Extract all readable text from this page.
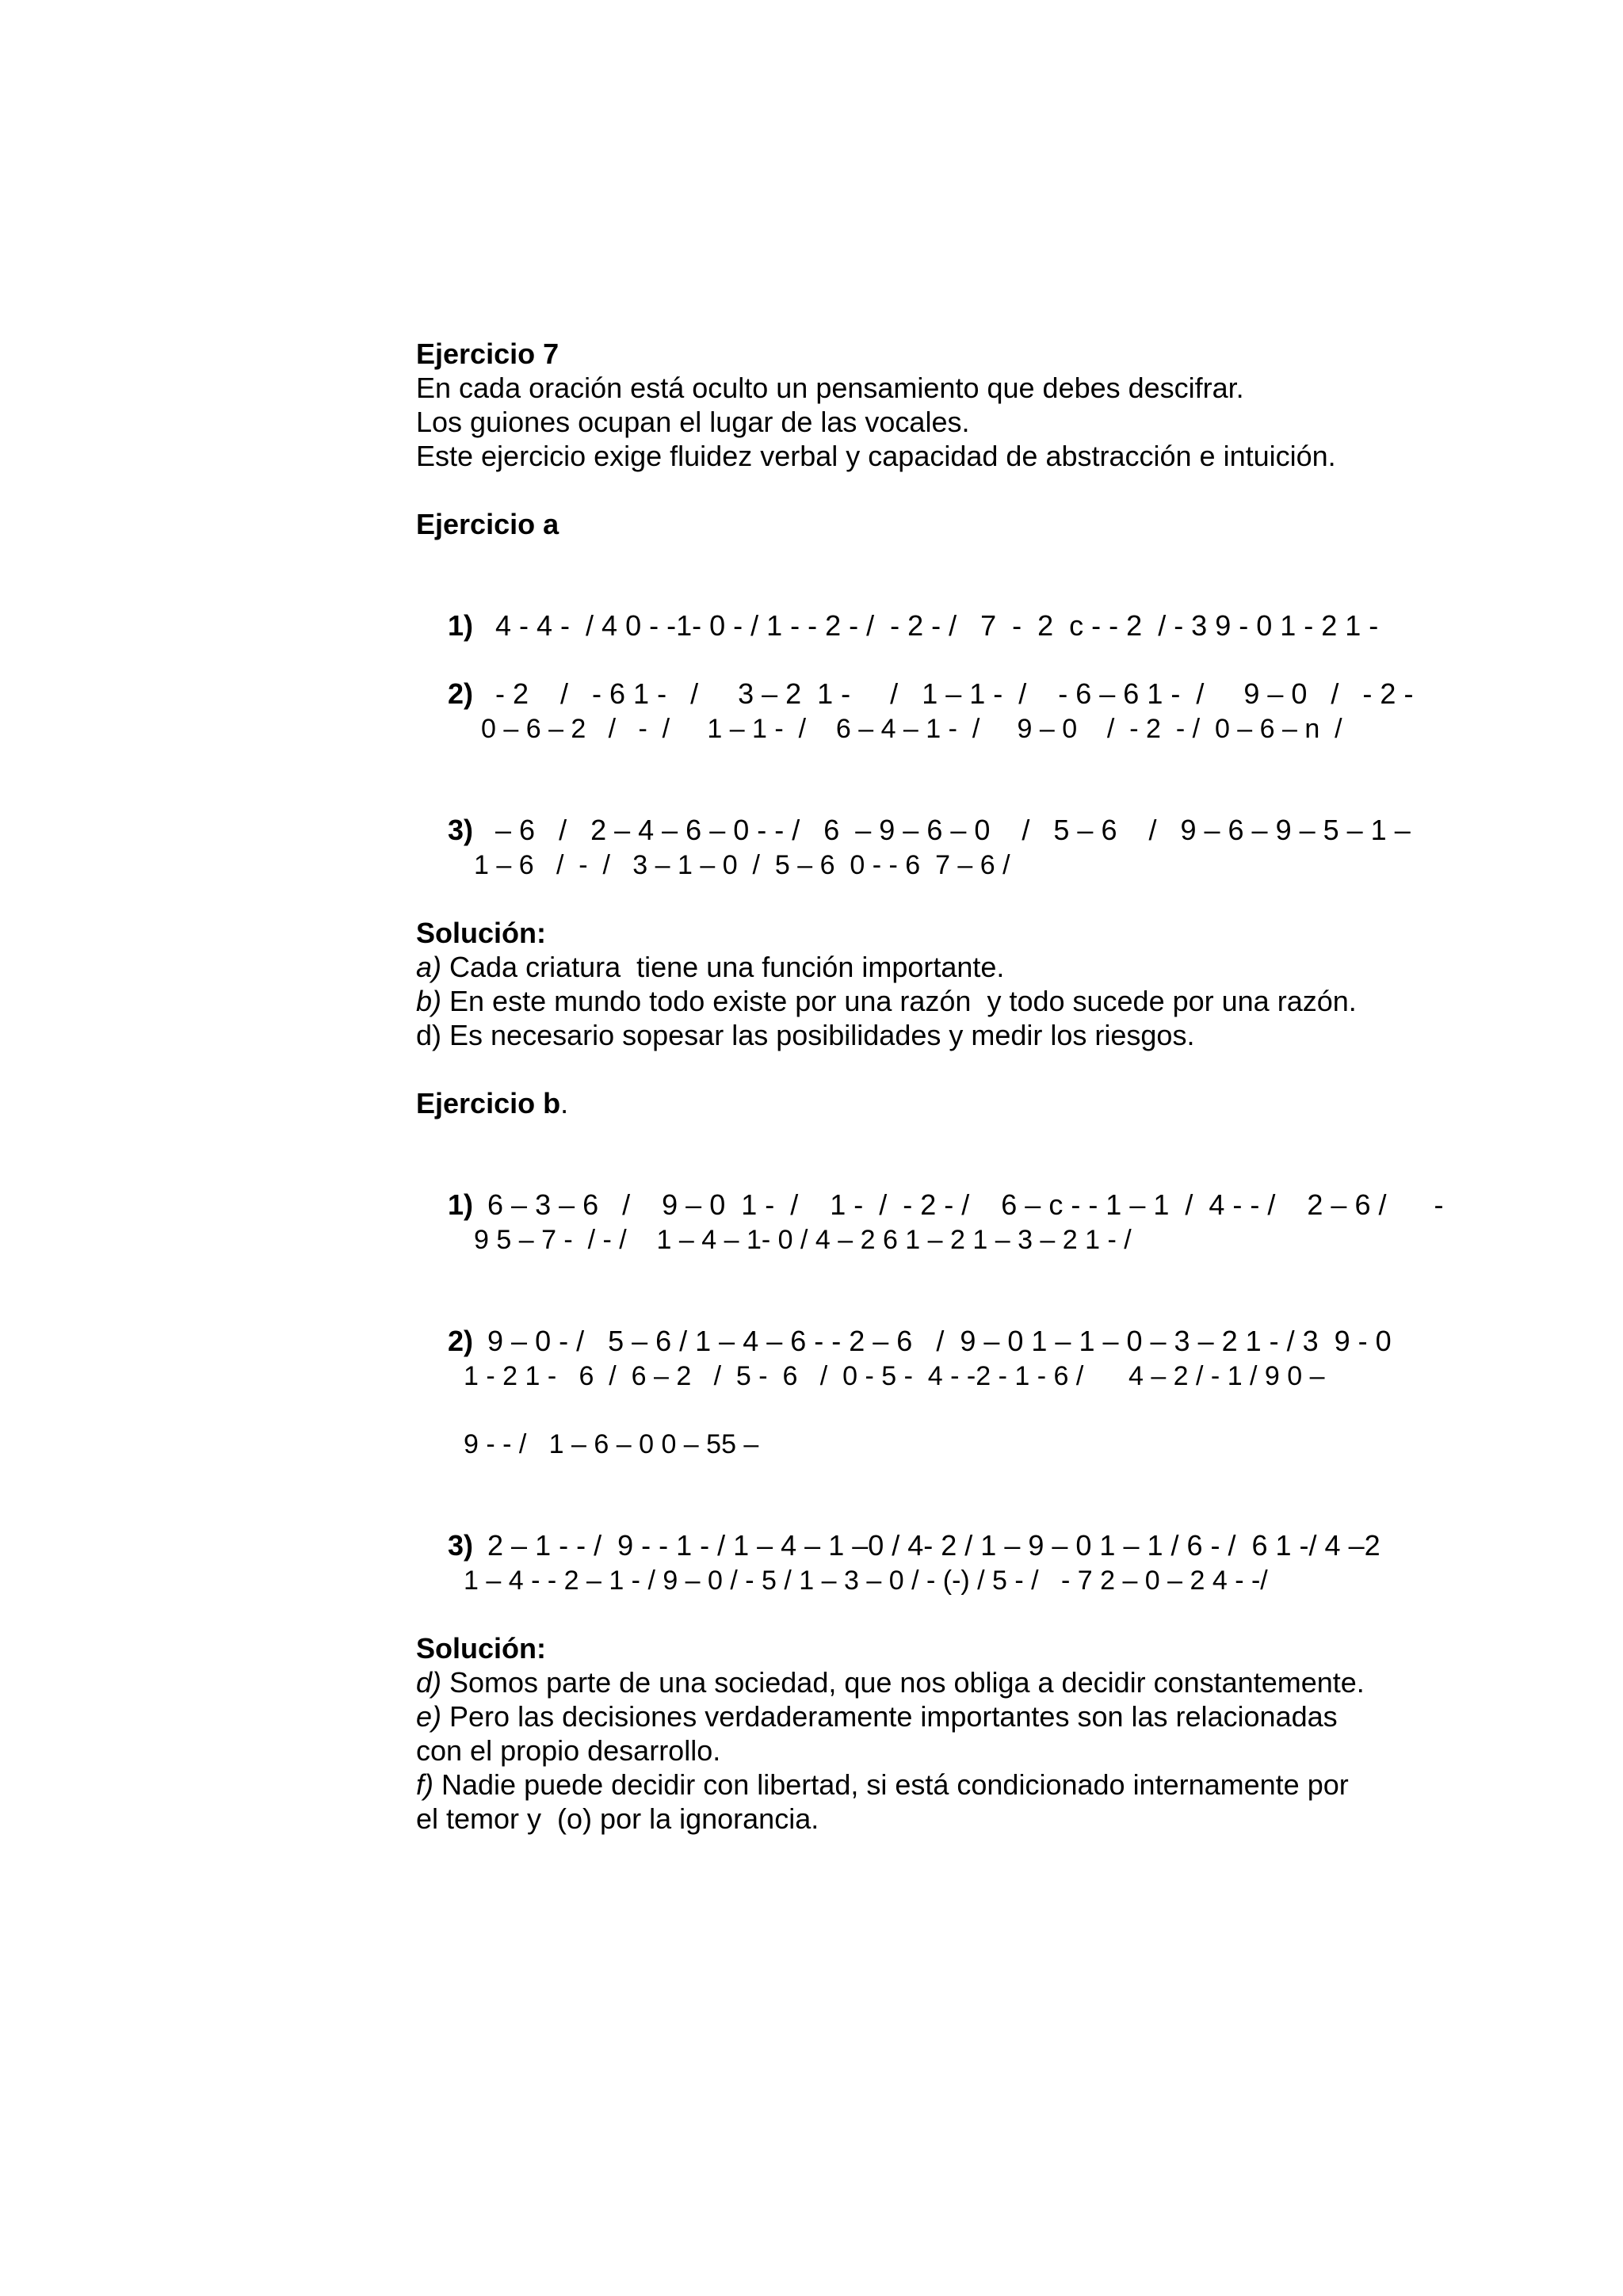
Ejercicio 7
En cada oración está oculto un pensamiento que debes descifrar.
Los guiones ocupan el lugar de las vocales.
Este ejercicio exige fluidez verbal y capacidad de abstracción e intuición.
Ejercicio a

1) 4 - 4 -  / 4 0 - -1- 0 - / 1 - - 2 - /  - 2 - /   7  -  2  c - - 2  / - 3 9 - 0 1 - 2 1 -

2) - 2    /   - 6 1 -   /     3 – 2  1 -     /   1 – 1 -  /    - 6 – 6 1 -  /     9 – 0   /   - 2 -

0 – 6 – 2   /   -  /     1 – 1 -  /    6 – 4 – 1 -  /     9 – 0    /  - 2  - /  0 – 6 – n  /

3) – 6   /   2 – 4 – 6 – 0 - - /   6  – 9 – 6 – 0    /   5 – 6    /   9 – 6 – 9 – 5 – 1 –

1 – 6   /  -  /   3 – 1 – 0  /  5 – 6  0 - - 6  7 – 6 /
Solución:
a) Cada criatura  tiene una función importante.
b) En este mundo todo existe por una razón  y todo sucede por una razón.
d) Es necesario sopesar las posibilidades y medir los riesgos.
Ejercicio b.

1) 6 – 3 – 6   /    9 – 0  1 -  /    1 -  /  - 2 - /    6 – c - - 1 – 1  /  4 - - /    2 – 6 /      -

9 5 – 7 -  / - /    1 – 4 – 1- 0 / 4 – 2 6 1 – 2 1 – 3 – 2 1 - /

2) 9 – 0 - /   5 – 6 / 1 – 4 – 6 - - 2 – 6   /  9 – 0 1 – 1 – 0 – 3 – 2 1 - / 3  9 - 0

1 - 2 1 -   6  /  6 – 2   /  5 -  6   /  0 - 5 -  4 - -2 - 1 - 6 /      4 – 2 / - 1 / 9 0 –
9 - - /   1 – 6 – 0 0 – 55 –

3) 2 – 1 - - /  9 - - 1 - / 1 – 4 – 1 –0 / 4- 2 / 1 – 9 – 0 1 – 1 / 6 - /  6 1 -/ 4 –2

1 – 4 - - 2 – 1 - / 9 – 0 / - 5 / 1 – 3 – 0 / - (-) / 5 - /   - 7 2 – 0 – 2 4 - -/
Solución:
d) Somos parte de una sociedad, que nos obliga a decidir constantemente.
e) Pero las decisiones verdaderamente importantes son las relacionadas
con el propio desarrollo.
f) Nadie puede decidir con libertad, si está condicionado internamente por
el temor y  (o) por la ignorancia.
